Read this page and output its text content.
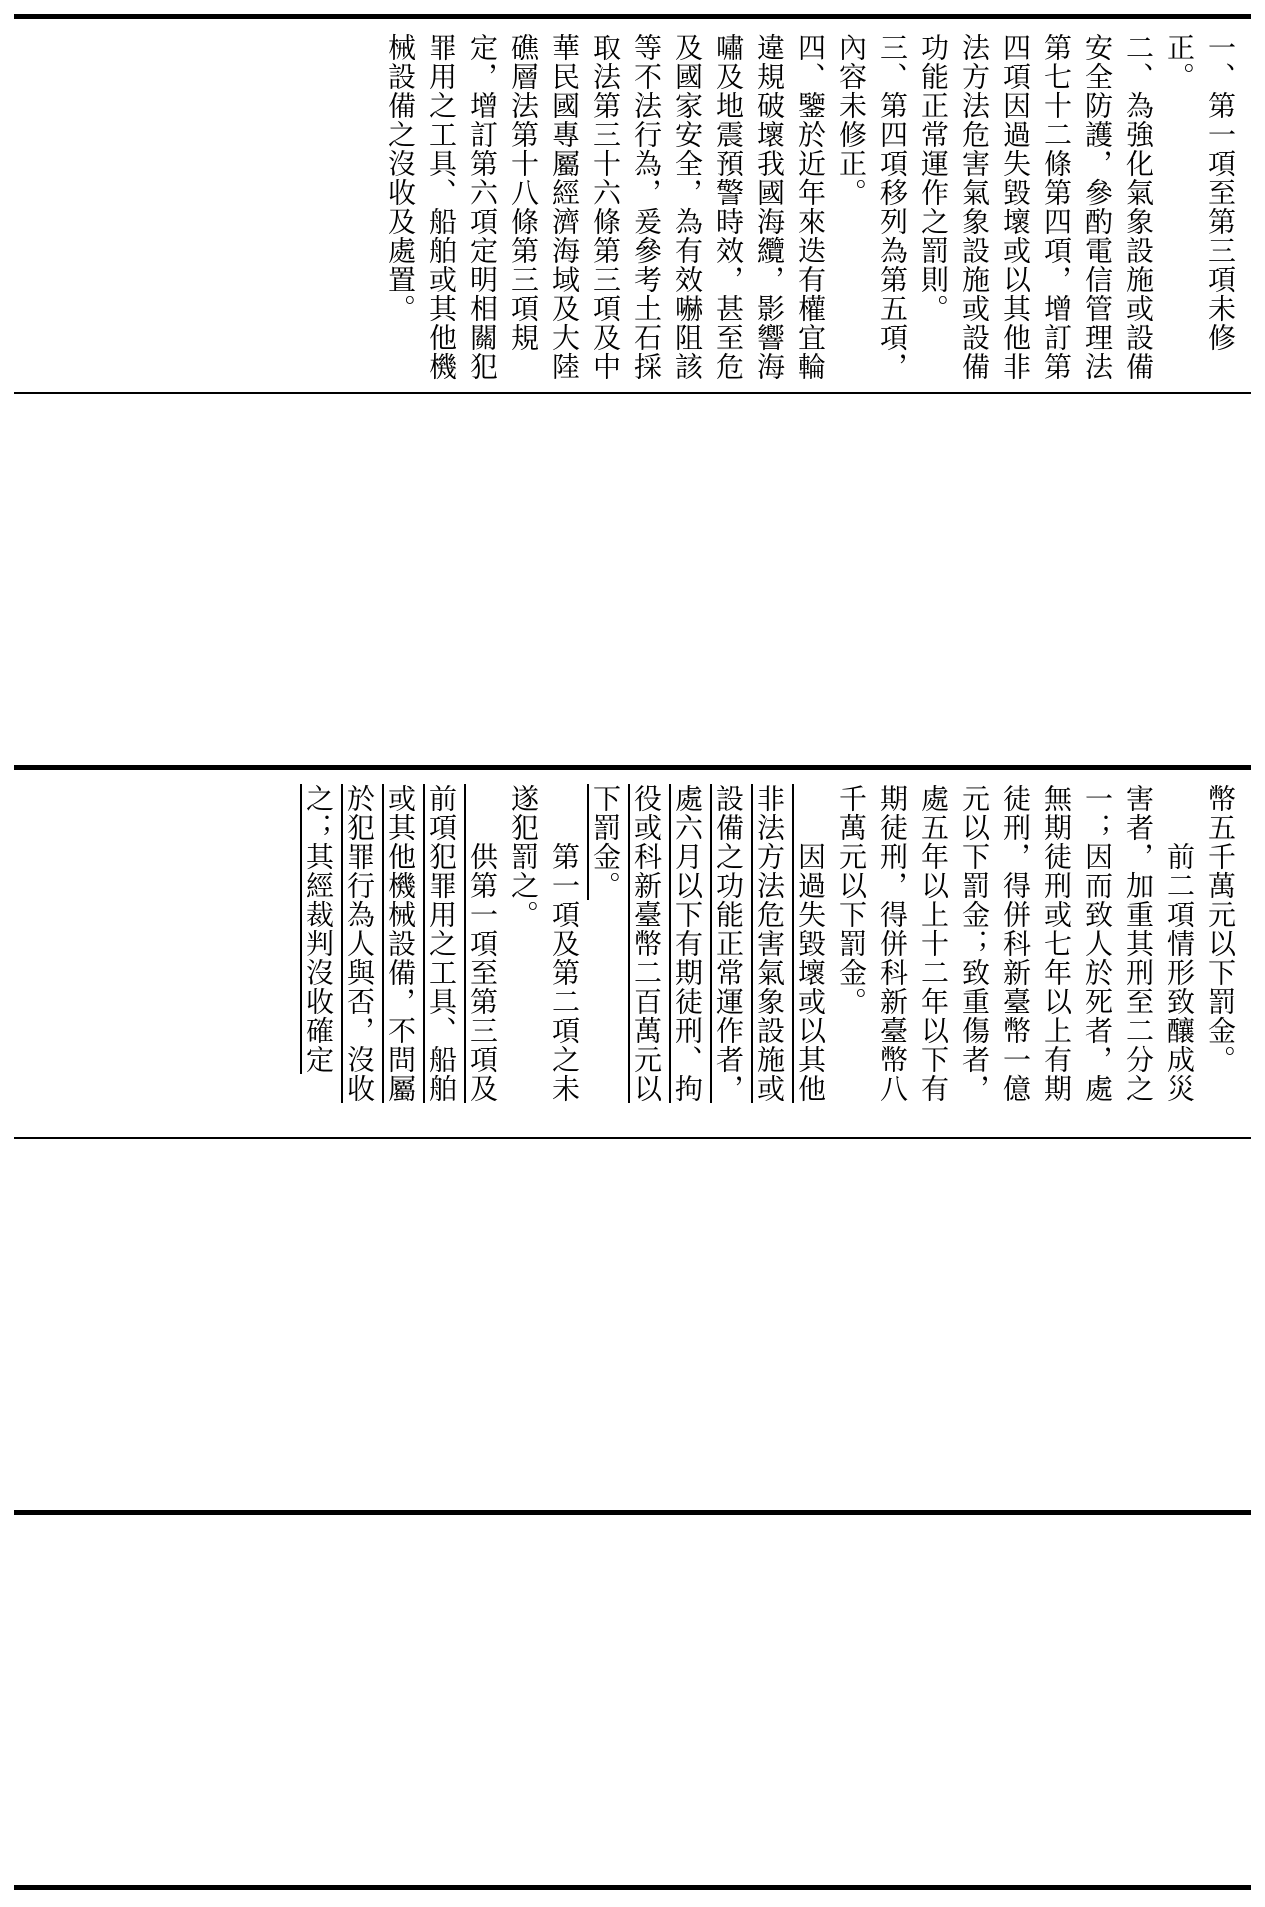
一、第一項至第三項未修正。
二、為強化氣象設施或設備安全防護，參酌電信管理法第七十二條第四項，增訂第四項因過失毀壞或以其他非法方法危害氣象設施或設備功能正常運作之罰則。
三、第四項移列為第五項，內容未修正。
四、鑒於近年來迭有權宜輪違規破壞我國海纜，影響海嘯及地震預警時效，甚至危及國家安全，為有效嚇阻該等不法行為，爰參考土石採取法第三十六條第三項及中華民國專屬經濟海域及大陸礁層法第十八條第三項規定，增訂第六項定明相關犯罪用之工具、船舶或其他機械設備之沒收及處置。
幣五千萬元以下罰金。
　　前二項情形致釀成災害者，加重其刑至二分之一；因而致人於死者，處無期徒刑或七年以上有期徒刑，得併科新臺幣一億元以下罰金；致重傷者，處五年以上十二年以下有期徒刑，得併科新臺幣八千萬元以下罰金。
　　因過失毀壞或以其他非法方法危害氣象設施或設備之功能正常運作者，處六月以下有期徒刑、拘役或科新臺幣二百萬元以下罰金。
　　第一項及第二項之未遂犯罰之。
　　供第一項至第三項及前項犯罪用之工具、船舶或其他機械設備，不問屬於犯罪行為人與否，沒收之；其經裁判沒收確定
